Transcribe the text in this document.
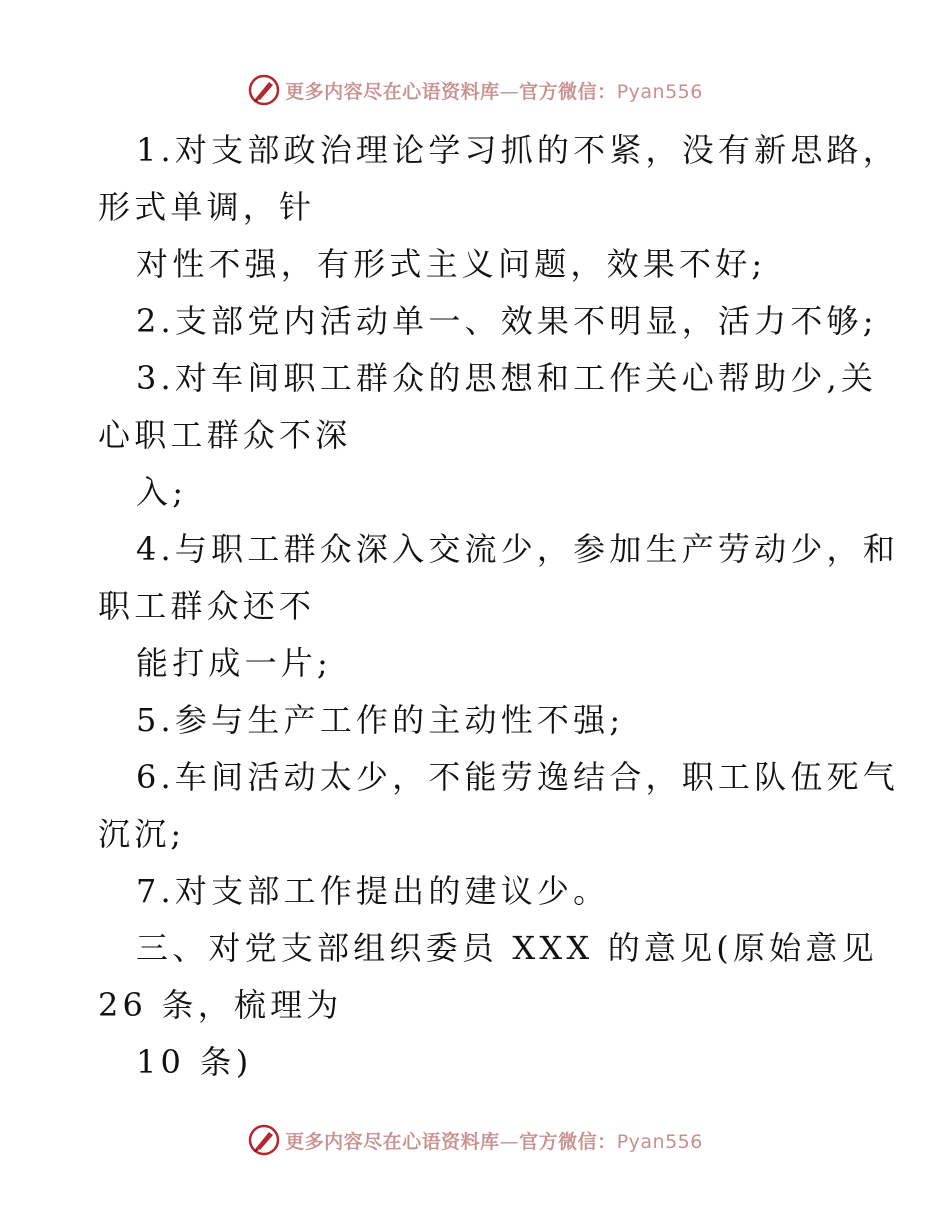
更多内容尽在心语资料库—官方微信：Pyan556
1.对支部政治理论学习抓的不紧，没有新思路，
形式单调，针
对性不强，有形式主义问题，效果不好;
2.支部党内活动单一、效果不明显，活力不够;
3.对车间职工群众的思想和工作关心帮助少,关
心职工群众不深
入;
4.与职工群众深入交流少，参加生产劳动少，和
职工群众还不
能打成一片;
5.参与生产工作的主动性不强;
6.车间活动太少，不能劳逸结合，职工队伍死气
沉沉;
7.对支部工作提出的建议少。
三、对党支部组织委员 XXX 的意见(原始意见
26 条，梳理为
10 条)
更多内容尽在心语资料库—官方微信：Pyan556
